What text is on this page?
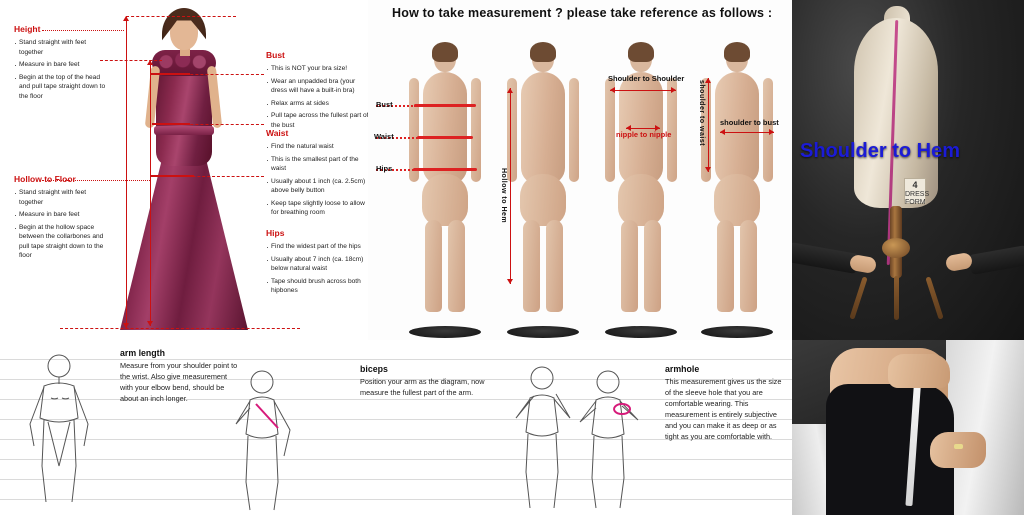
Height
· Stand straight with feet together
· Measure in bare feet
· Begin at the top of the head and pull tape straight down to the floor
Hollow to Floor
· Stand straight with feet together
· Measure in bare feet
· Begin at the hollow space between the collarbones and pull tape straight down to the floor
Bust
· This is NOT your bra size!
· Wear an unpadded bra (your dress will have a built-in bra)
· Relax arms at sides
· Pull tape across the fullest part of the bust
Waist
· Find the natural waist
· This is the smallest part of the waist
· Usually about 1 inch (ca. 2.5cm) above belly button
· Keep tape slightly loose to allow for breathing room
Hips
· Find the widest part of the hips
· Usually about 7 inch (ca. 18cm) below natural waist
· Tape should brush across both hipbones
How to take measurement ? please take reference as follows :
Bust
Waist
Hips	Hollow to Hem
Shoulder to Shoulder
nipple to nipple	shoulder to waist shoulder to bust
4
DRESS FORM
Shoulder to Hem
arm length

Measure from your shoulder point to the wrist. Also give measurement with your elbow bend, should be about an inch longer.

biceps

Position your arm as the diagram, now measure the fullest part of the arm.

armhole

This measurement gives us the size of the sleeve hole that you are comfortable wearing. This measurement is entirely subjective and you can make it as deep or as tight as you are comfortable with.
